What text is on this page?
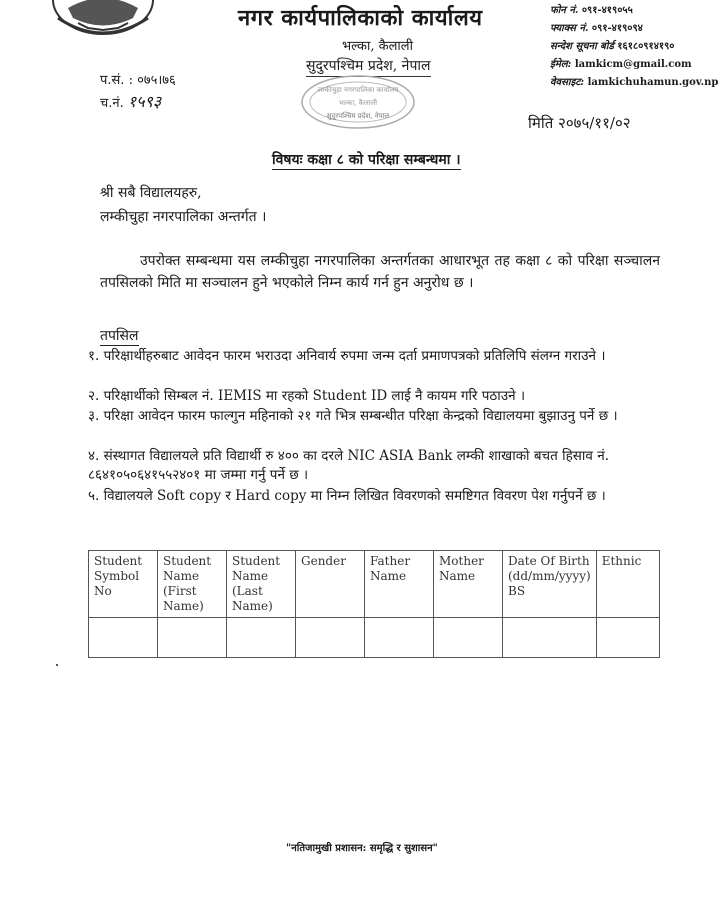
नगर कार्यपालिकाको कार्यालय
भल्का, कैलाली
सुदुरपश्चिम प्रदेश, नेपाल
फोन नं. ०९१-४१९०५५
फ्याक्स नं. ०९१-४१९०९४
सन्देश सूचना बोर्ड १६१८०९१४१९०
ईमेल: lamkicm@gmail.com
वेवसाइट: lamkichuhamun.gov.np
प.सं. : ०७५।७६
च.नं. १५९३
लम्कीचुहा नगरपालिका कार्यालय
भल्का, कैलाली
सुदुरपश्चिम प्रदेश, नेपाल	मिति २०७५/११/०२
विषयः कक्षा ८ को परिक्षा सम्बन्धमा ।
श्री सबै विद्यालयहरु,
लम्कीचुहा नगरपालिका अन्तर्गत ।
उपरोक्त सम्बन्धमा यस लम्कीचुहा नगरपालिका अन्तर्गतका आधारभूत तह कक्षा ८ को परिक्षा सञ्चालन तपसिलको मिति मा सञ्चालन हुने भएकोले निम्न कार्य गर्न हुन अनुरोध छ ।
तपसिल
१. परिक्षार्थीहरुबाट आवेदन फारम भराउदा अनिवार्य रुपमा जन्म दर्ता प्रमाणपत्रको प्रतिलिपि संलग्न गराउने ।
२. परिक्षार्थीको सिम्बल नं. IEMIS मा रहको Student ID लाई नै कायम गरि पठाउने ।
३. परिक्षा आवेदन फारम फाल्गुन महिनाको २१ गते भित्र सम्बन्धीत परिक्षा केन्द्रको विद्यालयमा बुझाउनु पर्ने छ ।
४. संस्थागत विद्यालयले प्रति विद्यार्थी रु ४०० का दरले NIC ASIA Bank लम्की शाखाको बचत हिसाव नं. ८६४१०५०६४१५५२४०१ मा जम्मा गर्नु पर्ने छ ।
५. विद्यालयले Soft copy र Hard copy मा निम्न लिखित विवरणको समष्टिगत विवरण पेश गर्नुपर्ने छ ।
Student Symbol No	Student Name (First Name)	Student Name (Last Name)	Gender	Father Name	Mother Name	Date Of Birth (dd/mm/yyyy) BS	Ethnic

"नतिजामुखी प्रशासन: समृद्धि र सुशासन"
